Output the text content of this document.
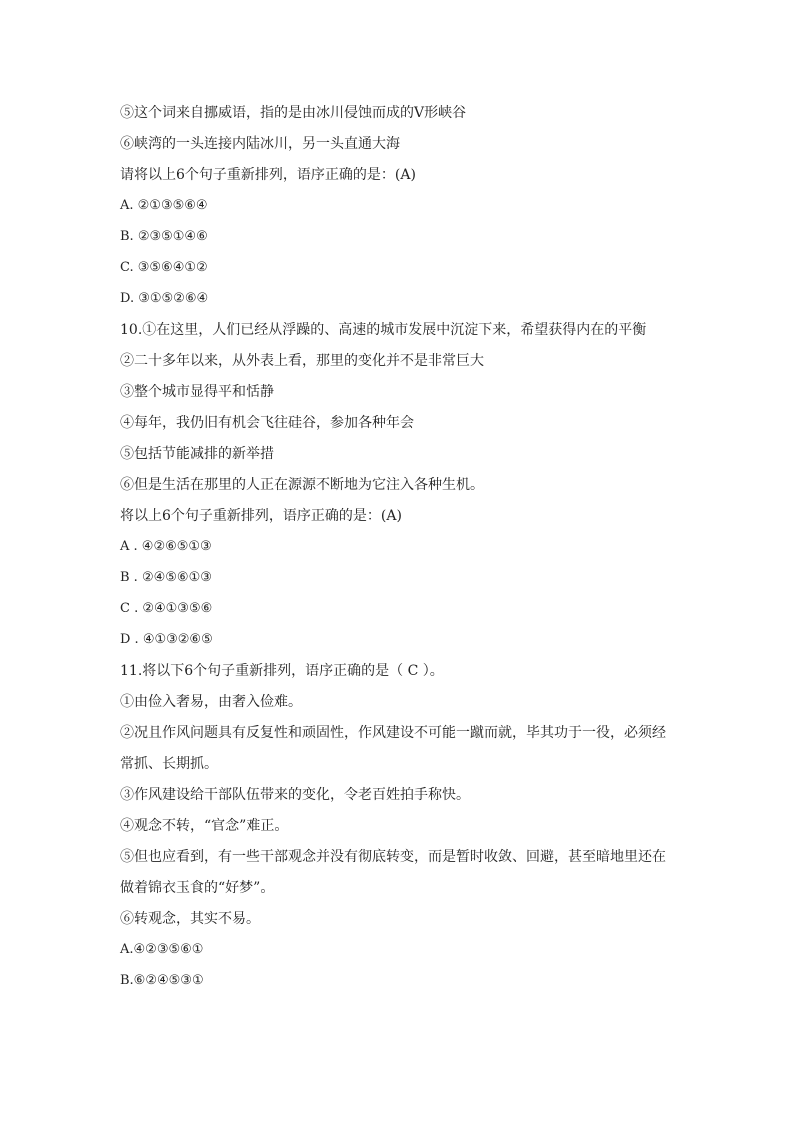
⑤这个词来自挪威语，指的是由冰川侵蚀而成的V形峡谷
⑥峡湾的一头连接内陆冰川，另一头直通大海
请将以上6个句子重新排列，语序正确的是：(A)
A. ②①③⑤⑥④
B. ②③⑤①④⑥
C. ③⑤⑥④①②
D. ③①⑤②⑥④
10.①在这里，人们已经从浮躁的、高速的城市发展中沉淀下来，希望获得内在的平衡
②二十多年以来，从外表上看，那里的变化并不是非常巨大
③整个城市显得平和恬静
④每年，我仍旧有机会飞往硅谷，参加各种年会
⑤包括节能减排的新举措
⑥但是生活在那里的人正在源源不断地为它注入各种生机。
将以上6个句子重新排列，语序正确的是：(A)
A . ④②⑥⑤①③
B . ②④⑤⑥①③
C . ②④①③⑤⑥
D . ④①③②⑥⑤
11.将以下6个句子重新排列，语序正确的是（ C ）。
①由俭入奢易，由奢入俭难。
②况且作风问题具有反复性和顽固性，作风建设不可能一蹴而就，毕其功于一役，必须经
常抓、长期抓。
③作风建设给干部队伍带来的变化，令老百姓拍手称快。
④观念不转，“官念”难正。
⑤但也应看到，有一些干部观念并没有彻底转变，而是暂时收敛、回避，甚至暗地里还在
做着锦衣玉食的“好梦”。
⑥转观念，其实不易。
A.④②③⑤⑥①
B.⑥②④⑤③①
